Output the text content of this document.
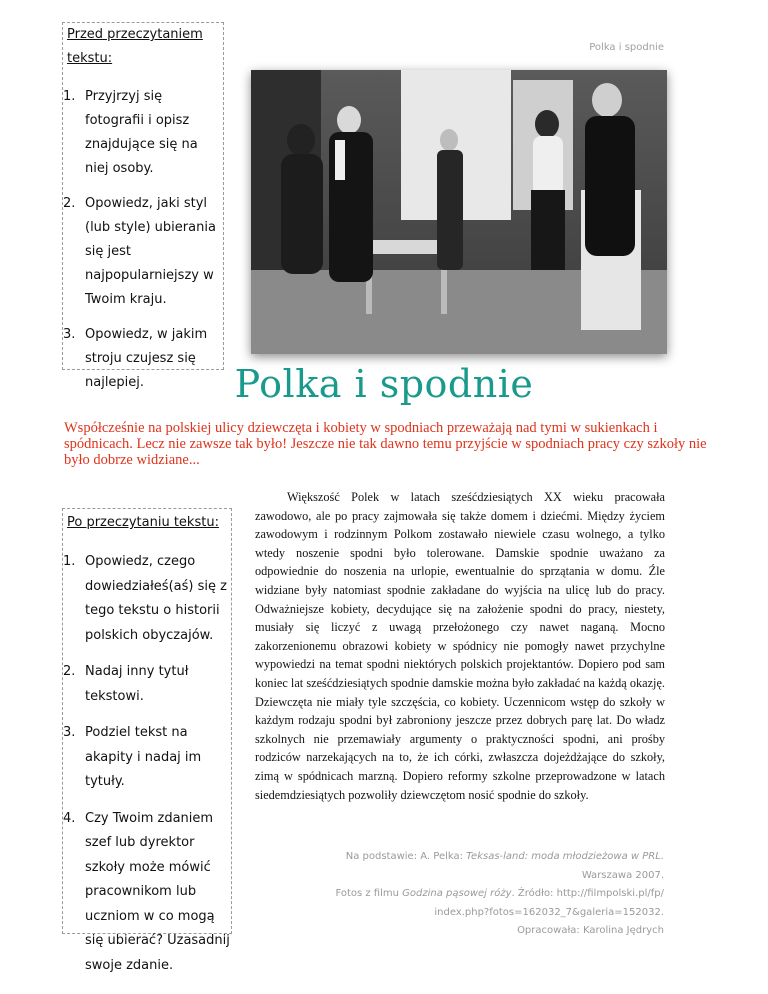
Przed przeczytaniem tekstu:

1. Przyjrzyj się fotografii i opisz znajdujące się na niej osoby.
2. Opowiedz, jaki styl (lub style) ubierania się jest najpopularniejszy w Twoim kraju.
3. Opowiedz, w jakim stroju czujesz się najlepiej.
Polka i spodnie
Polka i spodnie

Współcześnie na polskiej ulicy dziewczęta i kobiety w spodniach przeważają nad tymi w sukienkach i spódnicach. Lecz nie zawsze tak było! Jeszcze nie tak dawno temu przyjście w spodniach pracy czy szkoły nie było dobrze widziane...

Po przeczytaniu tekstu:

1. Opowiedz, czego dowiedziałeś(aś) się z tego tekstu o historii polskich obyczajów.
2. Nadaj inny tytuł tekstowi.
3. Podziel tekst na akapity i nadaj im tytuły.
4. Czy Twoim zdaniem szef lub dyrektor szkoły może mówić pracownikom lub uczniom w co mogą się ubierać? Uzasadnij swoje zdanie.

Większość Polek w latach sześćdziesiątych XX wieku pracowała zawodowo, ale po pracy zajmowała się także domem i dziećmi. Między życiem zawodowym i rodzinnym Polkom zostawało niewiele czasu wolnego, a tylko wtedy noszenie spodni było tolerowane. Damskie spodnie uważano za odpowiednie do noszenia na urlopie, ewentualnie do sprzątania w domu. Źle widziane były natomiast spodnie zakładane do wyjścia na ulicę lub do pracy. Odważniejsze kobiety, decydujące się na założenie spodni do pracy, niestety, musiały się liczyć z uwagą przełożonego czy nawet naganą. Mocno zakorzenionemu obrazowi kobiety w spódnicy nie pomogły nawet przychylne wypowiedzi na temat spodni niektórych polskich projektantów. Dopiero pod sam koniec lat sześćdziesiątych spodnie damskie można było zakładać na każdą okazję. Dziewczęta nie miały tyle szczęścia, co kobiety. Uczennicom wstęp do szkoły w każdym rodzaju spodni był zabroniony jeszcze przez dobrych parę lat. Do władz szkolnych nie przemawiały argumenty o praktyczności spodni, ani prośby rodziców narzekających na to, że ich córki, zwłaszcza dojeżdżające do szkoły, zimą w spódnicach marzną. Dopiero reformy szkolne przeprowadzone w latach siedemdziesiątych pozwoliły dziewczętom nosić spodnie do szkoły.

Na podstawie: A. Pelka: Teksas-land: moda młodzieżowa w PRL.

Warszawa 2007.

Fotos z filmu Godzina pąsowej róży. Źródło: http://filmpolski.pl/fp/

index.php?fotos=162032_7&galeria=152032.

Opracowała: Karolina Jędrych
